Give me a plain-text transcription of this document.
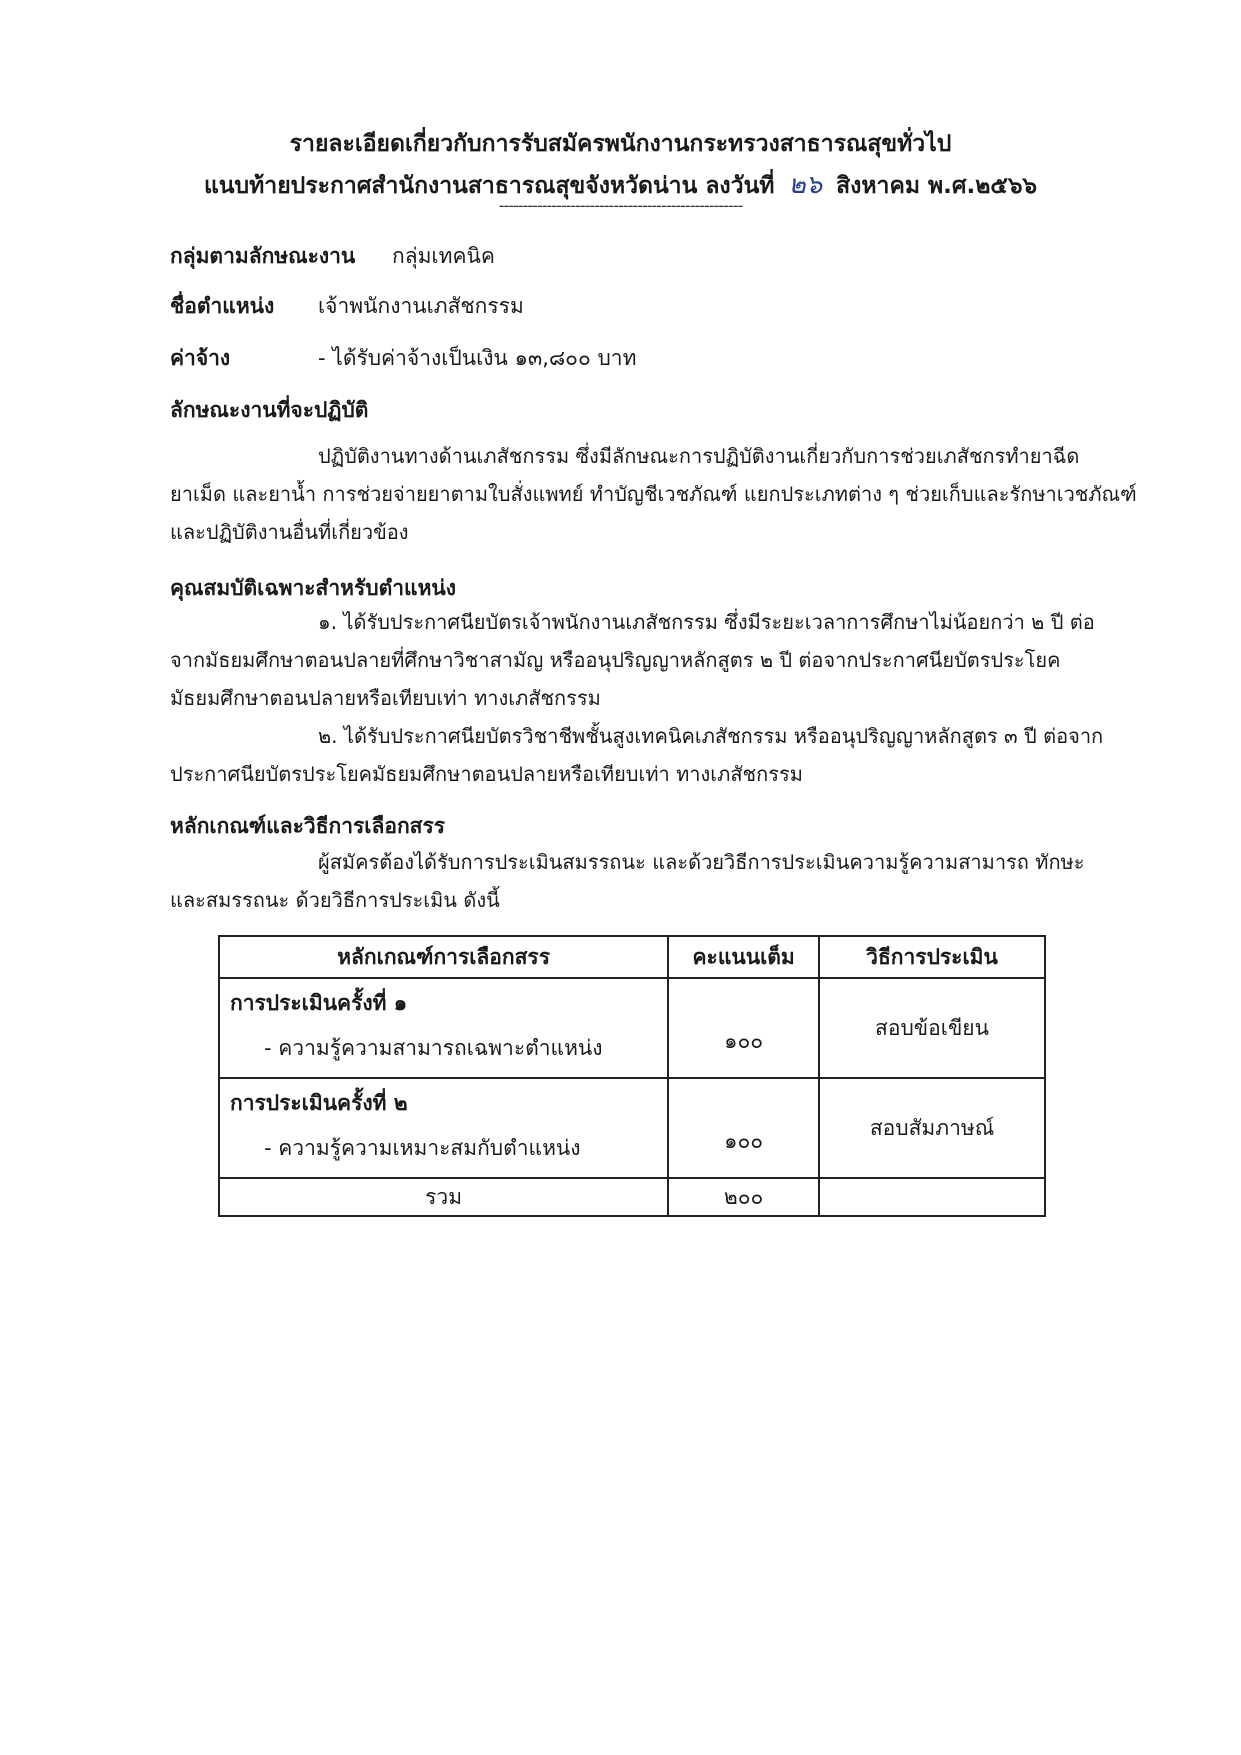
รายละเอียดเกี่ยวกับการรับสมัครพนักงานกระทรวงสาธารณสุขทั่วไป
แนบท้ายประกาศสำนักงานสาธารณสุขจังหวัดน่าน ลงวันที่ ๒๖ สิงหาคม พ.ศ.๒๕๖๖
---------------------------------------------------
กลุ่มตามลักษณะงาน กลุ่มเทคนิค
ชื่อตำแหน่ง เจ้าพนักงานเภสัชกรรม
ค่าจ้าง	- ได้รับค่าจ้างเป็นเงิน ๑๓,๘๐๐ บาท
ลักษณะงานที่จะปฏิบัติ
ปฏิบัติงานทางด้านเภสัชกรรม ซึ่งมีลักษณะการปฏิบัติงานเกี่ยวกับการช่วยเภสัชกรทำยาฉีด
ยาเม็ด และยาน้ำ การช่วยจ่ายยาตามใบสั่งแพทย์ ทำบัญชีเวชภัณฑ์ แยกประเภทต่าง ๆ ช่วยเก็บและรักษาเวชภัณฑ์
และปฏิบัติงานอื่นที่เกี่ยวข้อง
คุณสมบัติเฉพาะสำหรับตำแหน่ง
๑. ได้รับประกาศนียบัตรเจ้าพนักงานเภสัชกรรม ซึ่งมีระยะเวลาการศึกษาไม่น้อยกว่า ๒ ปี ต่อ
จากมัธยมศึกษาตอนปลายที่ศึกษาวิชาสามัญ หรืออนุปริญญาหลักสูตร ๒ ปี ต่อจากประกาศนียบัตรประโยค
มัธยมศึกษาตอนปลายหรือเทียบเท่า ทางเภสัชกรรม
๒. ได้รับประกาศนียบัตรวิชาชีพชั้นสูงเทคนิคเภสัชกรรม หรืออนุปริญญาหลักสูตร ๓ ปี ต่อจาก
ประกาศนียบัตรประโยคมัธยมศึกษาตอนปลายหรือเทียบเท่า ทางเภสัชกรรม
หลักเกณฑ์และวิธีการเลือกสรร
ผู้สมัครต้องได้รับการประเมินสมรรถนะ และด้วยวิธีการประเมินความรู้ความสามารถ ทักษะ
และสมรรถนะ ด้วยวิธีการประเมิน ดังนี้
หลักเกณฑ์การเลือกสรร	คะแนนเต็ม	วิธีการประเมิน

การประเมินครั้งที่ ๑
- ความรู้ความสามารถเฉพาะตำแหน่ง	๑๐๐	สอบข้อเขียน

การประเมินครั้งที่ ๒
- ความรู้ความเหมาะสมกับตำแหน่ง	๑๐๐	สอบสัมภาษณ์
รวม	๒๐๐	
